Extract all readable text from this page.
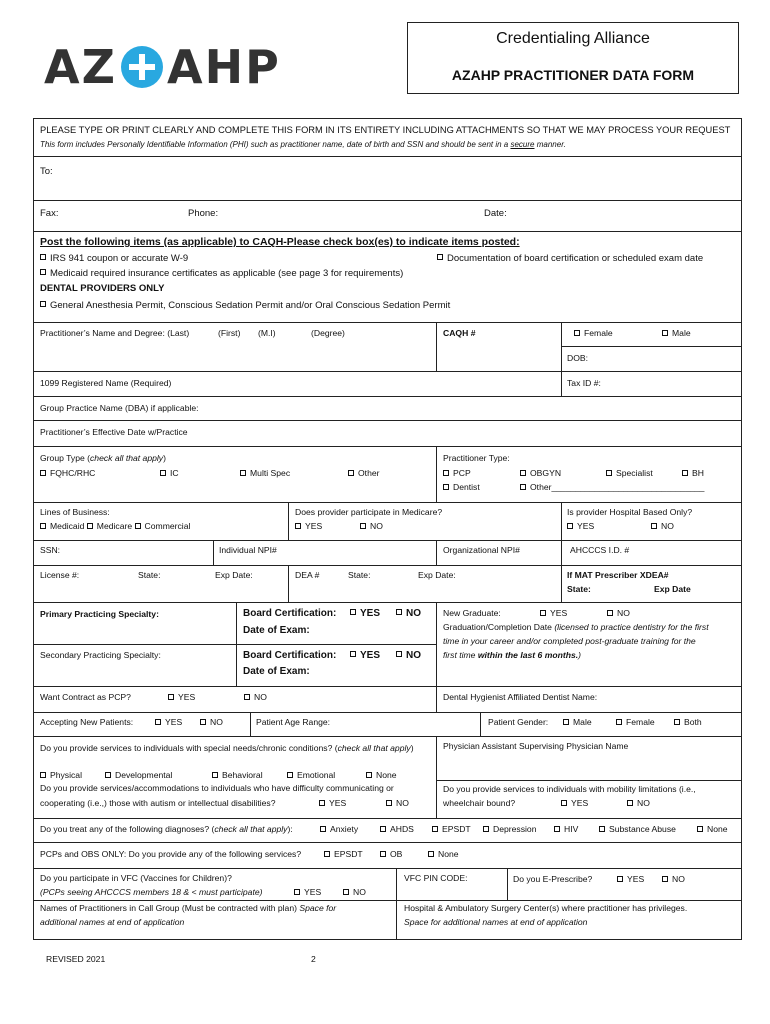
AZ AHP
Credentialing Alliance
AZAHP PRACTITIONER DATA FORM
PLEASE TYPE OR PRINT CLEARLY AND COMPLETE THIS FORM IN ITS ENTIRETY INCLUDING ATTACHMENTS SO THAT WE MAY PROCESS YOUR REQUEST
This form includes Personally Identifiable Information (PHI) such as practitioner name, date of birth and SSN and should be sent in a secure manner.
To:
Fax:	Phone:	Date:
Post the following items (as applicable) to CAQH-Please check box(es) to indicate items posted:
IRS 941 coupon or accurate W-9	Documentation of board certification or scheduled exam date
Medicaid required insurance certificates as applicable (see page 3 for requirements)
DENTAL PROVIDERS ONLY
General Anesthesia Permit, Conscious Sedation Permit and/or Oral Conscious Sedation Permit
Practitioner’s Name and Degree: (Last)	(First) (M.I)	(Degree)	CAQH #	Female	Male
DOB:
1099 Registered Name (Required)	Tax ID #:
Group Practice Name (DBA) if applicable:
Practitioner’s Effective Date w/Practice
Group Type (check all that apply)
FQHC/RHC	IC	Multi Spec	Other
Practitioner Type:
PCP	OBGYN	Specialist	BH
Dentist	Other________________________________
Lines of Business:
Medicaid Medicare Commercial
Does provider participate in Medicare?
YES	NO
Is provider Hospital Based Only?
YES	NO
SSN:	Individual NPI#	Organizational NPI#	AHCCCS I.D. #
License #:	State:	Exp Date:	DEA #	State:	Exp Date:	If MAT Prescriber XDEA#
State:	Exp Date
Primary Practicing Specialty:	Board Certification:	YES	NO
Date of Exam:
Secondary Practicing Specialty:	Board Certification:	YES	NO
Date of Exam:
New Graduate:	YES	NO
Graduation/Completion Date (licensed to practice dentistry for the first
time in your career and/or completed post-graduate training for the
first time within the last 6 months.)
Want Contract as PCP?	YES	NO	Dental Hygienist Affiliated Dentist Name:
Accepting New Patients:	YES	NO	Patient Age Range:	Patient Gender:	Male	Female	Both
Do you provide services to individuals with special needs/chronic conditions? (check all that apply)
Physical	Developmental	Behavioral	Emotional	None
Physician Assistant Supervising Physician Name
Do you provide services/accommodations to individuals who have difficulty communicating or
cooperating (i.e.,) those with autism or intellectual disabilities?	YES	NO
Do you provide services to individuals with mobility limitations (i.e.,
wheelchair bound?	YES	NO
Do you treat any of the following diagnoses? (check all that apply):	Anxiety	AHDS	EPSDT	Depression	HIV	Substance Abuse	None
PCPs and OBS ONLY: Do you provide any of the following services?	EPSDT	OB	None
Do you participate in VFC (Vaccines for Children)?
(PCPs seeing AHCCCS members 18 & < must participate)	YES	NO
VFC PIN CODE:	Do you E-Prescribe?	YES	NO
Names of Practitioners in Call Group (Must be contracted with plan) Space for
additional names at end of application
Hospital & Ambulatory Surgery Center(s) where practitioner has privileges.
Space for additional names at end of application
REVISED 2021	2
